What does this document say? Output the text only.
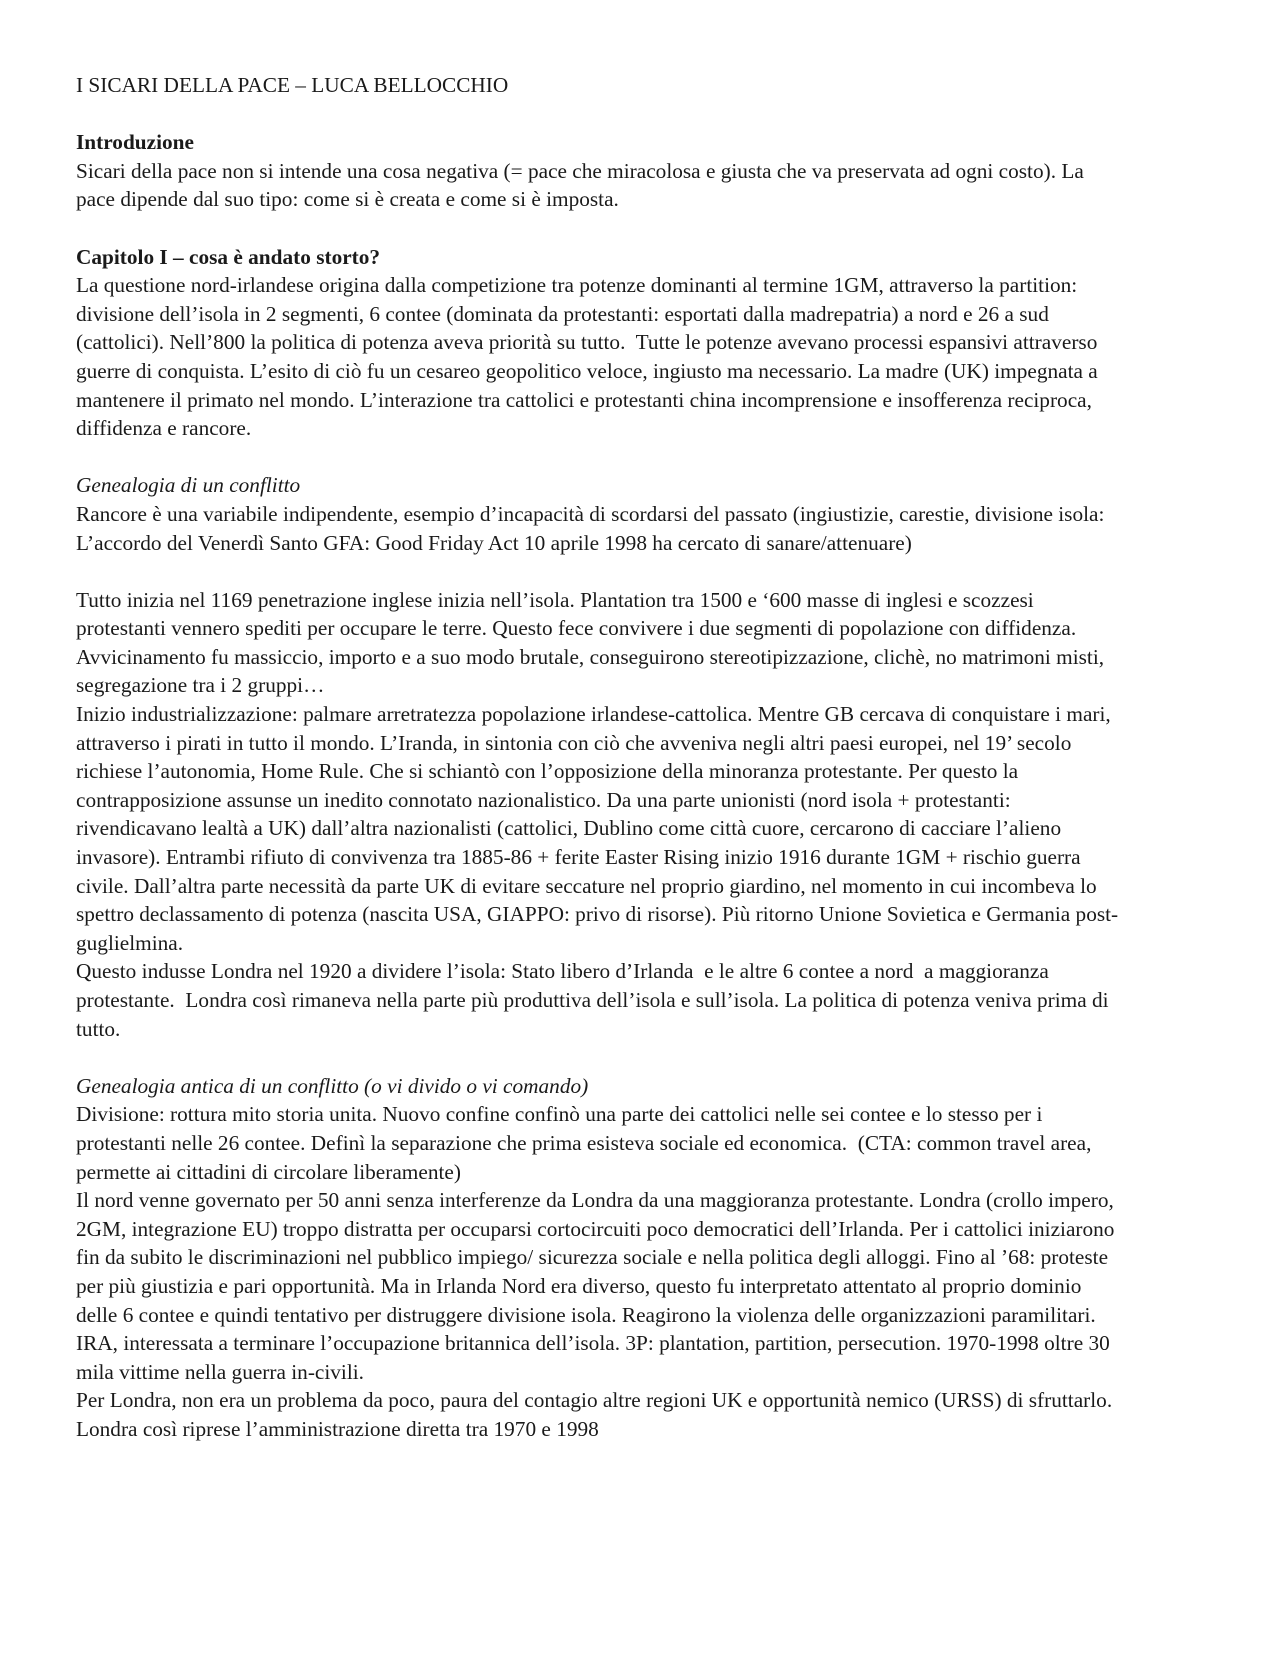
I SICARI DELLA PACE – LUCA BELLOCCHIO
Introduzione
Sicari della pace non si intende una cosa negativa (= pace che miracolosa e giusta che va preservata ad ogni costo). La
pace dipende dal suo tipo: come si è creata e come si è imposta.
Capitolo I – cosa è andato storto?
La questione nord-irlandese origina dalla competizione tra potenze dominanti al termine 1GM, attraverso la partition:
divisione dell’isola in 2 segmenti, 6 contee (dominata da protestanti: esportati dalla madrepatria) a nord e 26 a sud
(cattolici). Nell’800 la politica di potenza aveva priorità su tutto.  Tutte le potenze avevano processi espansivi attraverso
guerre di conquista. L’esito di ciò fu un cesareo geopolitico veloce, ingiusto ma necessario. La madre (UK) impegnata a
mantenere il primato nel mondo. L’interazione tra cattolici e protestanti china incomprensione e insofferenza reciproca,
diffidenza e rancore.
Genealogia di un conflitto
Rancore è una variabile indipendente, esempio d’incapacità di scordarsi del passato (ingiustizie, carestie, divisione isola:
L’accordo del Venerdì Santo GFA: Good Friday Act 10 aprile 1998 ha cercato di sanare/attenuare)
Tutto inizia nel 1169 penetrazione inglese inizia nell’isola. Plantation tra 1500 e ‘600 masse di inglesi e scozzesi
protestanti vennero spediti per occupare le terre. Questo fece convivere i due segmenti di popolazione con diffidenza.
Avvicinamento fu massiccio, importo e a suo modo brutale, conseguirono stereotipizzazione, clichè, no matrimoni misti,
segregazione tra i 2 gruppi…
Inizio industrializzazione: palmare arretratezza popolazione irlandese-cattolica. Mentre GB cercava di conquistare i mari,
attraverso i pirati in tutto il mondo. L’Iranda, in sintonia con ciò che avveniva negli altri paesi europei, nel 19’ secolo
richiese l’autonomia, Home Rule. Che si schiantò con l’opposizione della minoranza protestante. Per questo la
contrapposizione assunse un inedito connotato nazionalistico. Da una parte unionisti (nord isola + protestanti:
rivendicavano lealtà a UK) dall’altra nazionalisti (cattolici, Dublino come città cuore, cercarono di cacciare l’alieno
invasore). Entrambi rifiuto di convivenza tra 1885-86 + ferite Easter Rising inizio 1916 durante 1GM + rischio guerra
civile. Dall’altra parte necessità da parte UK di evitare seccature nel proprio giardino, nel momento in cui incombeva lo
spettro declassamento di potenza (nascita USA, GIAPPO: privo di risorse). Più ritorno Unione Sovietica e Germania post-
guglielmina.
Questo indusse Londra nel 1920 a dividere l’isola: Stato libero d’Irlanda  e le altre 6 contee a nord  a maggioranza
protestante.  Londra così rimaneva nella parte più produttiva dell’isola e sull’isola. La politica di potenza veniva prima di
tutto.
Genealogia antica di un conflitto (o vi divido o vi comando)
Divisione: rottura mito storia unita. Nuovo confine confinò una parte dei cattolici nelle sei contee e lo stesso per i
protestanti nelle 26 contee. Definì la separazione che prima esisteva sociale ed economica.  (CTA: common travel area,
permette ai cittadini di circolare liberamente)
Il nord venne governato per 50 anni senza interferenze da Londra da una maggioranza protestante. Londra (crollo impero,
2GM, integrazione EU) troppo distratta per occuparsi cortocircuiti poco democratici dell’Irlanda. Per i cattolici iniziarono
fin da subito le discriminazioni nel pubblico impiego/ sicurezza sociale e nella politica degli alloggi. Fino al ’68: proteste
per più giustizia e pari opportunità. Ma in Irlanda Nord era diverso, questo fu interpretato attentato al proprio dominio
delle 6 contee e quindi tentativo per distruggere divisione isola. Reagirono la violenza delle organizzazioni paramilitari.
IRA, interessata a terminare l’occupazione britannica dell’isola. 3P: plantation, partition, persecution. 1970-1998 oltre 30
mila vittime nella guerra in-civili.
Per Londra, non era un problema da poco, paura del contagio altre regioni UK e opportunità nemico (URSS) di sfruttarlo.
Londra così riprese l’amministrazione diretta tra 1970 e 1998
